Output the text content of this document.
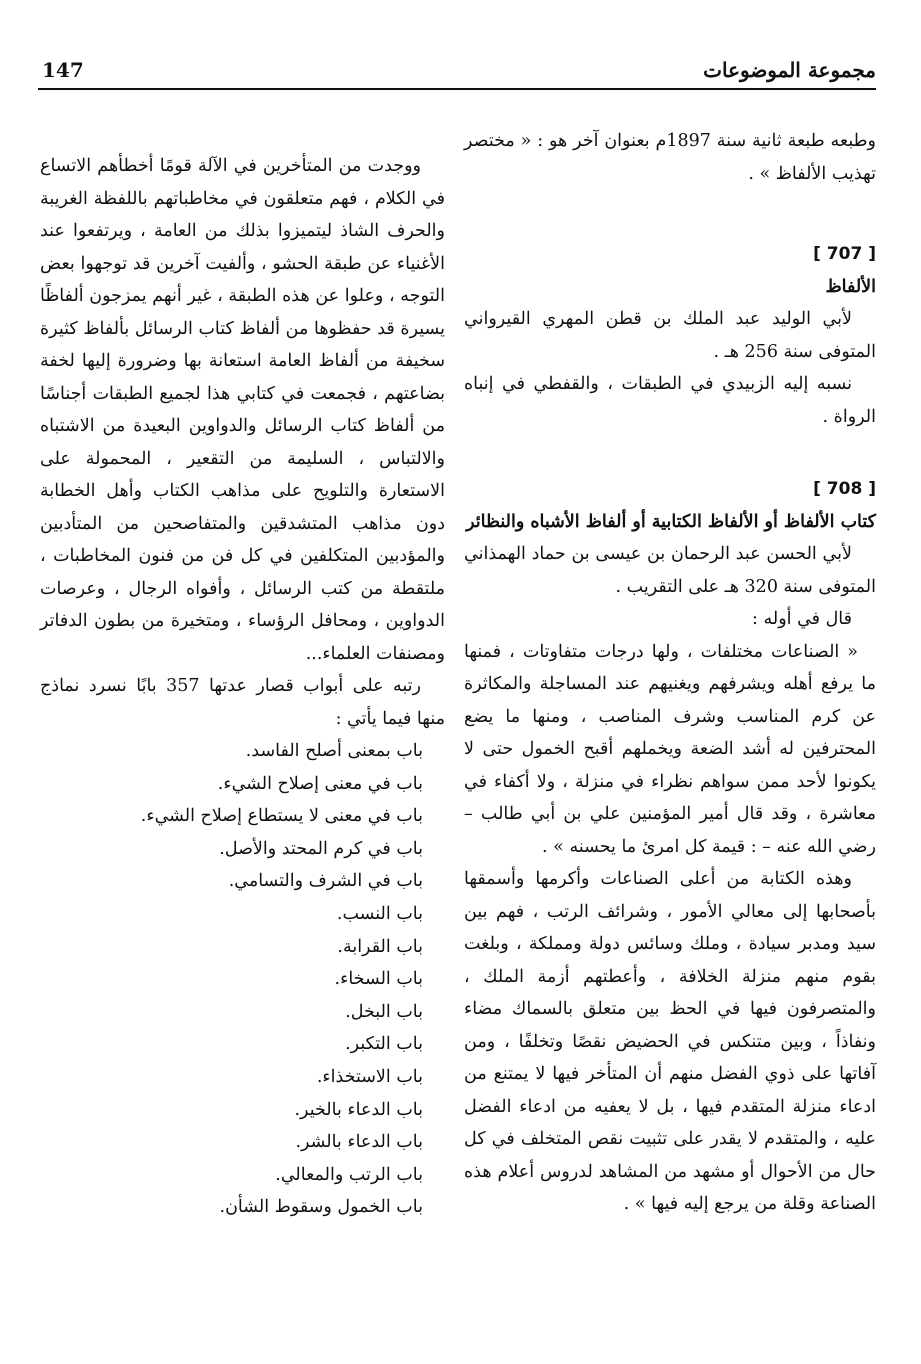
مجموعة الموضوعات
147

وطبعه طبعة ثانية سنة 1897م بعنوان آخر هو : « مختصر تهذيب الألفاظ » .

[ 707 ]

الألفاظ

لأبي الوليد عبد الملك بن قطن المهري القيرواني المتوفى سنة 256 هـ .

نسبه إليه الزبيدي في الطبقات ، والقفطي في إنباه الرواة .

[ 708 ]

كتاب الألفاظ أو الألفاظ الكتابية أو ألفاظ الأشباه والنظائر

لأبي الحسن عبد الرحمان بن عيسى بن حماد الهمذاني المتوفى سنة 320 هـ على التقريب .

قال في أوله :

« الصناعات مختلفات ، ولها درجات متفاوتات ، فمنها ما يرفع أهله ويشرفهم ويغنيهم عند المساجلة والمكاثرة عن كرم المناسب وشرف المناصب ، ومنها ما يضع المحترفين له أشد الضعة ويخملهم أقبح الخمول حتى لا يكونوا لأحد ممن سواهم نظراء في منزلة ، ولا أكفاء في معاشرة ، وقد قال أمير المؤمنين علي بن أبي طالب – رضي الله عنه – : قيمة كل امرئ ما يحسنه » .

وهذه الكتابة من أعلى الصناعات وأكرمها وأسمقها بأصحابها إلى معالي الأمور ، وشرائف الرتب ، فهم بين سيد ومدبر سيادة ، وملك وسائس دولة ومملكة ، وبلغت بقوم منهم منزلة الخلافة ، وأعطتهم أزمة الملك ، والمتصرفون فيها في الحظ بين متعلق بالسماك مضاء ونفاذاً ، وبين متنكس في الحضيض نقصًا وتخلفًا ، ومن آفاتها على ذوي الفضل منهم أن المتأخر فيها لا يمتنع من ادعاء منزلة المتقدم فيها ، بل لا يعفيه من ادعاء الفضل عليه ، والمتقدم لا يقدر على تثبيت نقص المتخلف في كل حال من الأحوال أو مشهد من المشاهد لدروس أعلام هذه الصناعة وقلة من يرجع إليه فيها » .

ووجدت من المتأخرين في الآلة قومًا أخطأهم الاتساع في الكلام ، فهم متعلقون في مخاطباتهم باللفظة الغريبة والحرف الشاذ ليتميزوا بذلك من العامة ، ويرتفعوا عند الأغنياء عن طبقة الحشو ، وألفيت آخرين قد توجهوا بعض التوجه ، وعلوا عن هذه الطبقة ، غير أنهم يمزجون ألفاظًا يسيرة قد حفظوها من ألفاظ كتاب الرسائل بألفاظ كثيرة سخيفة من ألفاظ العامة استعانة بها وضرورة إليها لخفة بضاعتهم ، فجمعت في كتابي هذا لجميع الطبقات أجناسًا من ألفاظ كتاب الرسائل والدواوين البعيدة من الاشتباه والالتباس ، السليمة من التقعير ، المحمولة على الاستعارة والتلويح على مذاهب الكتاب وأهل الخطابة دون مذاهب المتشدقين والمتفاصحين من المتأدبين والمؤدبين المتكلفين في كل فن من فنون المخاطبات ، ملتقطة من كتب الرسائل ، وأفواه الرجال ، وعرصات الدواوين ، ومحافل الرؤساء ، ومتخيرة من بطون الدفاتر ومصنفات العلماء...

رتبه على أبواب قصار عدتها 357 بابًا نسرد نماذج منها فيما يأتي :

باب بمعنى أصلح الفاسد.
باب في معنى إصلاح الشيء.
باب في معنى لا يستطاع إصلاح الشيء.
باب في كرم المحتد والأصل.
باب في الشرف والتسامي.
باب النسب.
باب القرابة.
باب السخاء.
باب البخل.
باب التكبر.
باب الاستخذاء.
باب الدعاء بالخير.
باب الدعاء بالشر.
باب الرتب والمعالي.
باب الخمول وسقوط الشأن.
